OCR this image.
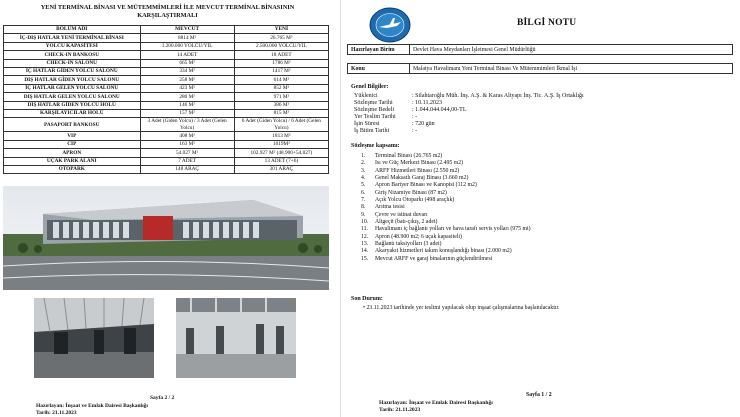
YENİ TERMİNAL BİNASI VE MÜTEMMİMLERİ İLE MEVCUT TERMİNAL BİNASININ
KARŞILAŞTIRMALI
BÖLÜM ADI	MEVCUT	YENİ
İÇ-DIŞ HATLAR YENİ TERMİNAL BİNASI	8814 M²	26.765 M²
YOLCU KAPASİTESİ	1.200.000 YOLCU/YIL	2.500.000 YOLCU/YIL
CHECK-IN BANKOSU	14 ADET	18 ADET
CHECK-IN SALONU	665 M²	1786 M²
İÇ HATLAR GİDEN YOLCU SALONU	334 M²	1417 M²
DIŞ HATLAR GİDEN YOLCU SALONU	258 M²	614 M²
İÇ HATLAR GELEN YOLCU SALONU	423 M²	852 M²
DIŞ HATLAR GELEN YOLCU SALONU	280 M²	971 M²
DIŞ HATLAR GİDEN YOLCU HOLÜ	146 M²	386 M²
KARŞILAYICILAR HOLÜ	157 M²	815 M²
PASAPORT BANKOSU	3 Adet (Giden Yolcu) / 3 Adet (Gelen Yolcu)	6 Adet (Giden Yolcu) / 6 Adet (Gelen Yolcu)
VIP	408 M²	1813 M²
CIP	163 M²	1019M²
APRON	54.027 M²	102.927 M² (48.900+54.027)
UÇAK PARK ALANI	7 ADET	13 ADET (7+6)
OTOPARK	148 ARAÇ	301 ARAÇ
Sayfa 2 / 2
Hazırlayan: İnşaat ve Emlak Dairesi Başkanlığı
Tarih: 21.11.2023
BİLGİ NOTU
Hazırlayan Birim	Devlet Hava Meydanları İşletmesi Genel Müdürlüğü
Konu	Malatya Havalimanı Yeni Terminal Binası Ve Mütemmimleri İkmal İşi
Genel Bilgiler:
Yüklenici	: Silahtaroğlu Müh. İnş. A.Ş. & Karas Altyapı İnş. Tic. A.Ş. İş Ortaklığı
Sözleşme Tarihi	: 10.11.2023
Sözleşme Bedeli	: 1.044.044.044,00-TL
Yer Teslim Tarihi	: -
İşin Süresi	: 720 gün
İş Bitim Tarihi	: -
Sözleşme kapsamı:
1.	Terminal Binası (26.765 m2)
2.	Isı ve Güç Merkezi Binası (2.495 m2)
3.	ARFF Hizmetleri Binası (2.550 m2)
4.	Genel Maksatlı Garaj Binası (3.660 m2)
5.	Apron Bariyer Binası ve Kanopisi (112 m2)
6.	Giriş Nizamiye Binası (87 m2)
7.	Açık Yolcu Otoparkı (498 araçlık)
8.	Arıtma tesisi
9.	Çevre ve istinat duvarı
10.	Altgeçit (batı-çıkış, 2 adet)
11.	Havalimanı iç bağlantı yolları ve hava tarafı servis yolları (975 mt)
12.	Apron (48.900 m2; 6 uçak kapasiteli)
13.	Bağlantı taksiyolları (3 adet)
14.	Akaryakıt hizmetleri takım konuşlandığı binası (2.000 m2)
15.	Mevcut ARFF ve garaj binalarının güçlendirilmesi
Son Durum:
• 23.11.2023 tarihinde yer teslimi yapılacak olup inşaat çalışmalarına başlanılacaktır.
Sayfa 1 / 2
Hazırlayan: İnşaat ve Emlak Dairesi Başkanlığı
Tarih: 21.11.2023
